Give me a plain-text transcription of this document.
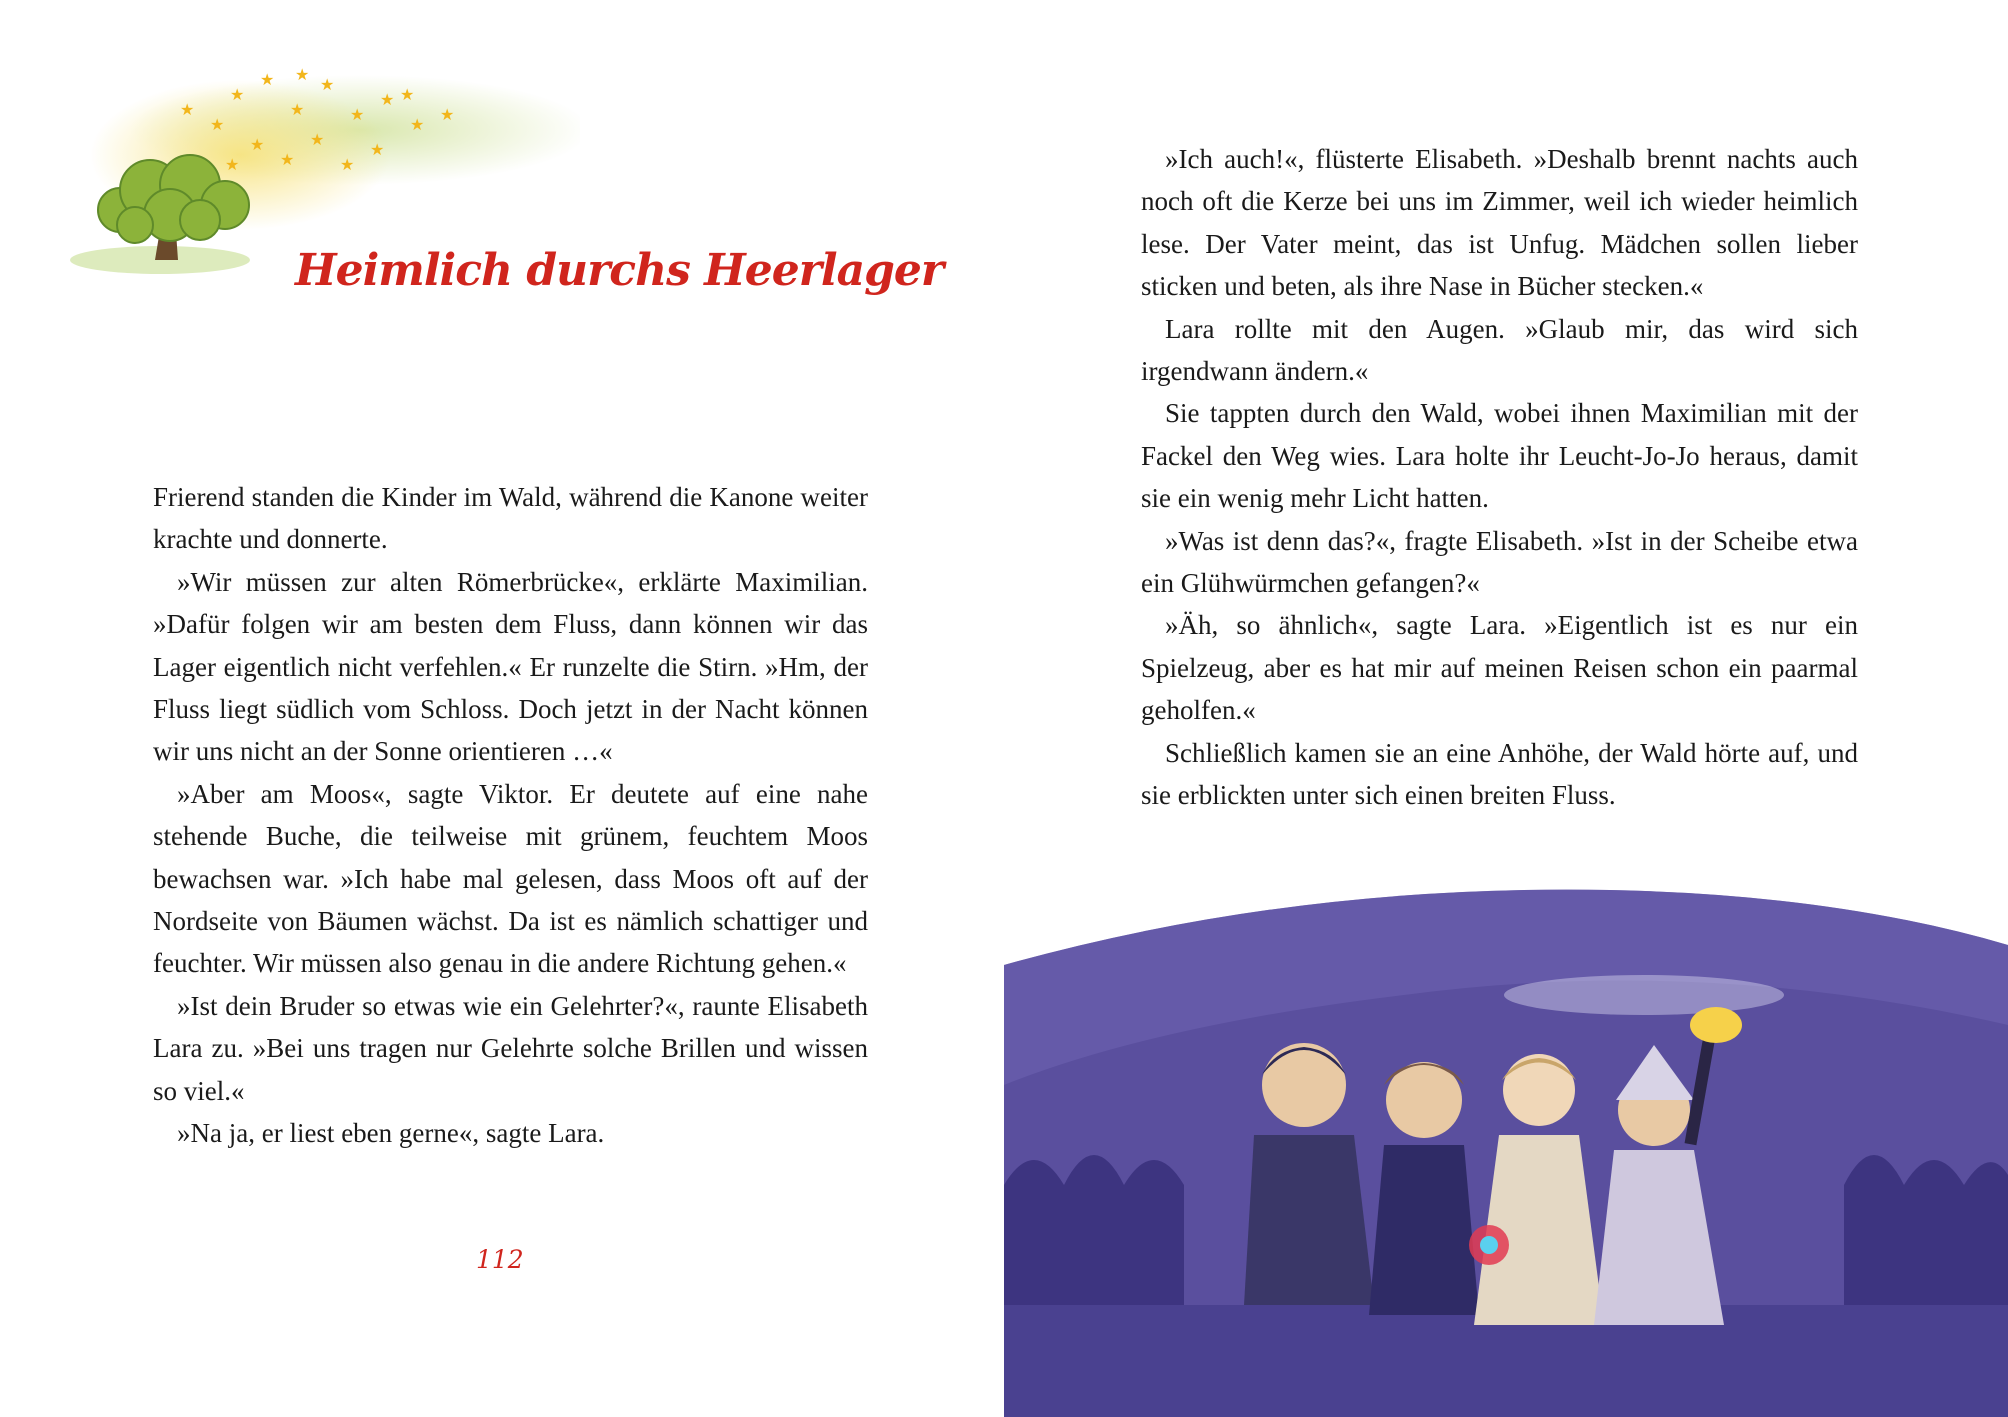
★
★
★
★
★
★
★
★
★
★
★
★
★
★
★
★
★
★
Heimlich durchs Heerlager

Frierend standen die Kinder im Wald, während die Kanone weiter krachte und donnerte.

»Wir müssen zur alten Römerbrücke«, erklärte Maximilian. »Dafür folgen wir am besten dem Fluss, dann können wir das Lager eigentlich nicht verfehlen.« Er runzelte die Stirn. »Hm, der Fluss liegt südlich vom Schloss. Doch jetzt in der Nacht können wir uns nicht an der Sonne orientieren …«

»Aber am Moos«, sagte Viktor. Er deutete auf eine nahe stehende Buche, die teilweise mit grünem, feuchtem Moos bewachsen war. »Ich habe mal gelesen, dass Moos oft auf der Nordseite von Bäumen wächst. Da ist es nämlich schattiger und feuchter. Wir müssen also genau in die andere Richtung gehen.«

»Ist dein Bruder so etwas wie ein Gelehrter?«, raunte Elisabeth Lara zu. »Bei uns tragen nur Gelehrte solche Brillen und wissen so viel.«

»Na ja, er liest eben gerne«, sagte Lara.

112

»Ich auch!«, flüsterte Elisabeth. »Deshalb brennt nachts auch noch oft die Kerze bei uns im Zimmer, weil ich wieder heimlich lese. Der Vater meint, das ist Unfug. Mädchen sollen lieber sticken und beten, als ihre Nase in Bücher stecken.«

Lara rollte mit den Augen. »Glaub mir, das wird sich irgendwann ändern.«

Sie tappten durch den Wald, wobei ihnen Maximilian mit der Fackel den Weg wies. Lara holte ihr Leucht-Jo-Jo heraus, damit sie ein wenig mehr Licht hatten.

»Was ist denn das?«, fragte Elisabeth. »Ist in der Scheibe etwa ein Glühwürmchen gefangen?«

»Äh, so ähnlich«, sagte Lara. »Eigentlich ist es nur ein Spielzeug, aber es hat mir auf meinen Reisen schon ein paarmal geholfen.«

Schließlich kamen sie an eine Anhöhe, der Wald hörte auf, und sie erblickten unter sich einen breiten Fluss.
